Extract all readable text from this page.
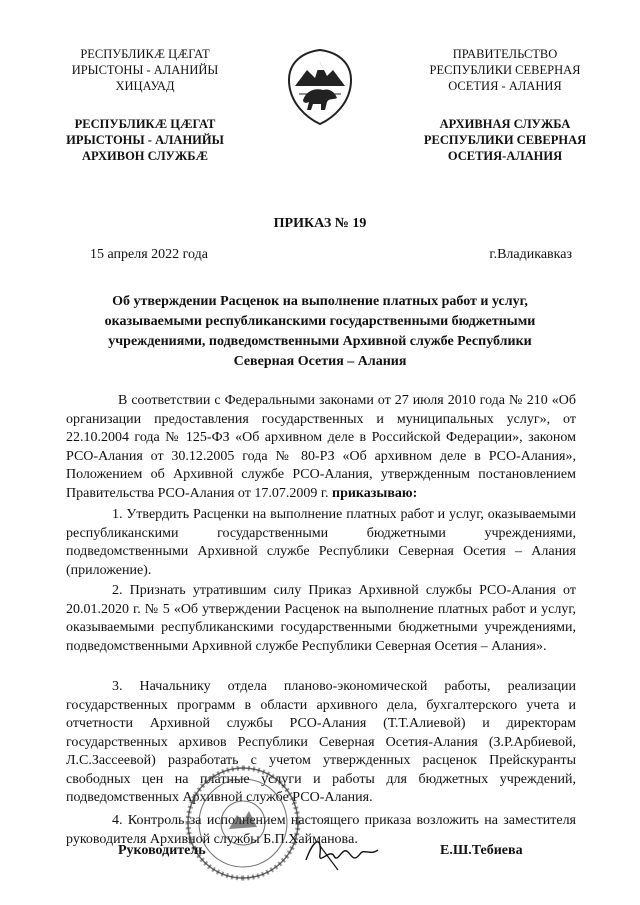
РЕСПУБЛИКÆ ЦÆГАТ
ИРЫСТОНЫ - АЛАНИЙЫ
ХИЦАУАД
РЕСПУБЛИКÆ ЦÆГАТ
ИРЫСТОНЫ - АЛАНИЙЫ
АРХИВОН СЛУЖБÆ
ПРАВИТЕЛЬСТВО
РЕСПУБЛИКИ СЕВЕРНАЯ
ОСЕТИЯ - АЛАНИЯ
АРХИВНАЯ СЛУЖБА
РЕСПУБЛИКИ СЕВЕРНАЯ
ОСЕТИЯ-АЛАНИЯ
ПРИКАЗ № 19
15 апреля 2022 года	г.Владикавказ
Об утверждении Расценок на выполнение платных работ и услуг,
оказываемыми республиканскими государственными бюджетными
учреждениями, подведомственными Архивной службе Республики
Северная Осетия – Алания
В соответствии с Федеральными законами от 27 июля 2010 года № 210 «Об организации предоставления государственных и муниципальных услуг», от 22.10.2004 года № 125-ФЗ «Об архивном деле в Российской Федерации», законом РСО-Алания от 30.12.2005 года № 80-РЗ «Об архивном деле в РСО-Алания», Положением об Архивной службе РСО-Алания, утвержденным постановлением Правительства РСО-Алания от 17.07.2009 г. приказываю:
1. Утвердить Расценки на выполнение платных работ и услуг, оказываемыми республиканскими государственными бюджетными учреждениями, подведомственными Архивной службе Республики Северная Осетия – Алания (приложение).
2. Признать утратившим силу Приказ Архивной службы РСО-Алания от 20.01.2020 г. № 5 «Об утверждении Расценок на выполнение платных работ и услуг, оказываемыми республиканскими государственными бюджетными учреждениями, подведомственными Архивной службе Республики Северная Осетия – Алания».
3. Начальнику отдела планово-экономической работы, реализации государственных программ в области архивного дела, бухгалтерского учета и отчетности Архивной службы РСО-Алания (Т.Т.Алиевой) и директорам государственных архивов Республики Северная Осетия-Алания (З.Р.Арбиевой, Л.С.Зассеевой) разработать с учетом утвержденных расценок Прейскуранты свободных цен на платные услуги и работы для бюджетных учреждений, подведомственных Архивной службе РСО-Алания.
4. Контроль за исполнением настоящего приказа возложить на заместителя руководителя Архивной службы Б.П.Хаймановa.
Руководитель	Е.Ш.Тебиева
